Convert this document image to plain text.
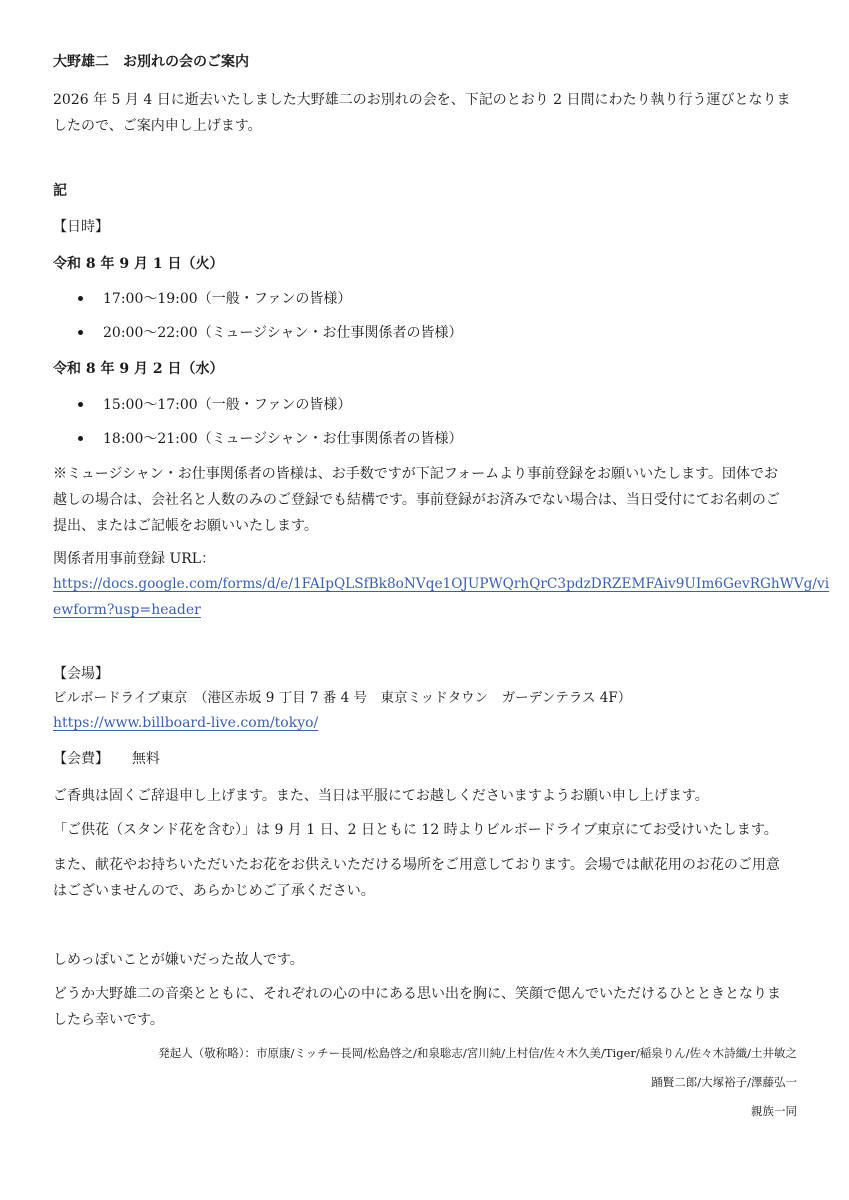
大野雄二　お別れの会のご案内
2026 年 5 月 4 日に逝去いたしました大野雄二のお別れの会を、下記のとおり 2 日間にわたり執り行う運びとなりま
したので、ご案内申し上げます。
記
【日時】
令和 8 年 9 月 1 日（火）
17:00～19:00（一般・ファンの皆様）
20:00～22:00（ミュージシャン・お仕事関係者の皆様）
令和 8 年 9 月 2 日（水）
15:00～17:00（一般・ファンの皆様）
18:00～21:00（ミュージシャン・お仕事関係者の皆様）
※ミュージシャン・お仕事関係者の皆様は、お手数ですが下記フォームより事前登録をお願いいたします。団体でお
越しの場合は、会社名と人数のみのご登録でも結構です。事前登録がお済みでない場合は、当日受付にてお名刺のご
提出、またはご記帳をお願いいたします。
関係者用事前登録 URL：
https://docs.google.com/forms/d/e/1FAIpQLSfBk8oNVqe1OJUPWQrhQrC3pdzDRZEMFAiv9UIm6GevRGhWVg/vi
ewform?usp=header
【会場】
ビルボードライブ東京　（港区赤坂 9 丁目 7 番 4 号　東京ミッドタウン　ガーデンテラス 4F）
https://www.billboard-live.com/tokyo/
【会費】 無料
ご香典は固くご辞退申し上げます。また、当日は平服にてお越しくださいますようお願い申し上げます。
「ご供花（スタンド花を含む）」は 9 月 1 日、2 日ともに 12 時よりビルボードライブ東京にてお受けいたします。
また、献花やお持ちいただいたお花をお供えいただける場所をご用意しております。会場では献花用のお花のご用意
はございませんので、あらかじめご了承ください。
しめっぽいことが嫌いだった故人です。
どうか大野雄二の音楽とともに、それぞれの心の中にある思い出を胸に、笑顔で偲んでいただけるひとときとなりま
したら幸いです。
発起人（敬称略）：市原康/ミッチー長岡/松島啓之/和泉聡志/宮川純/上村信/佐々木久美/Tiger/稲泉りん/佐々木詩織/土井敏之
踊賢二郎/大塚裕子/澤藤弘一
親族一同
